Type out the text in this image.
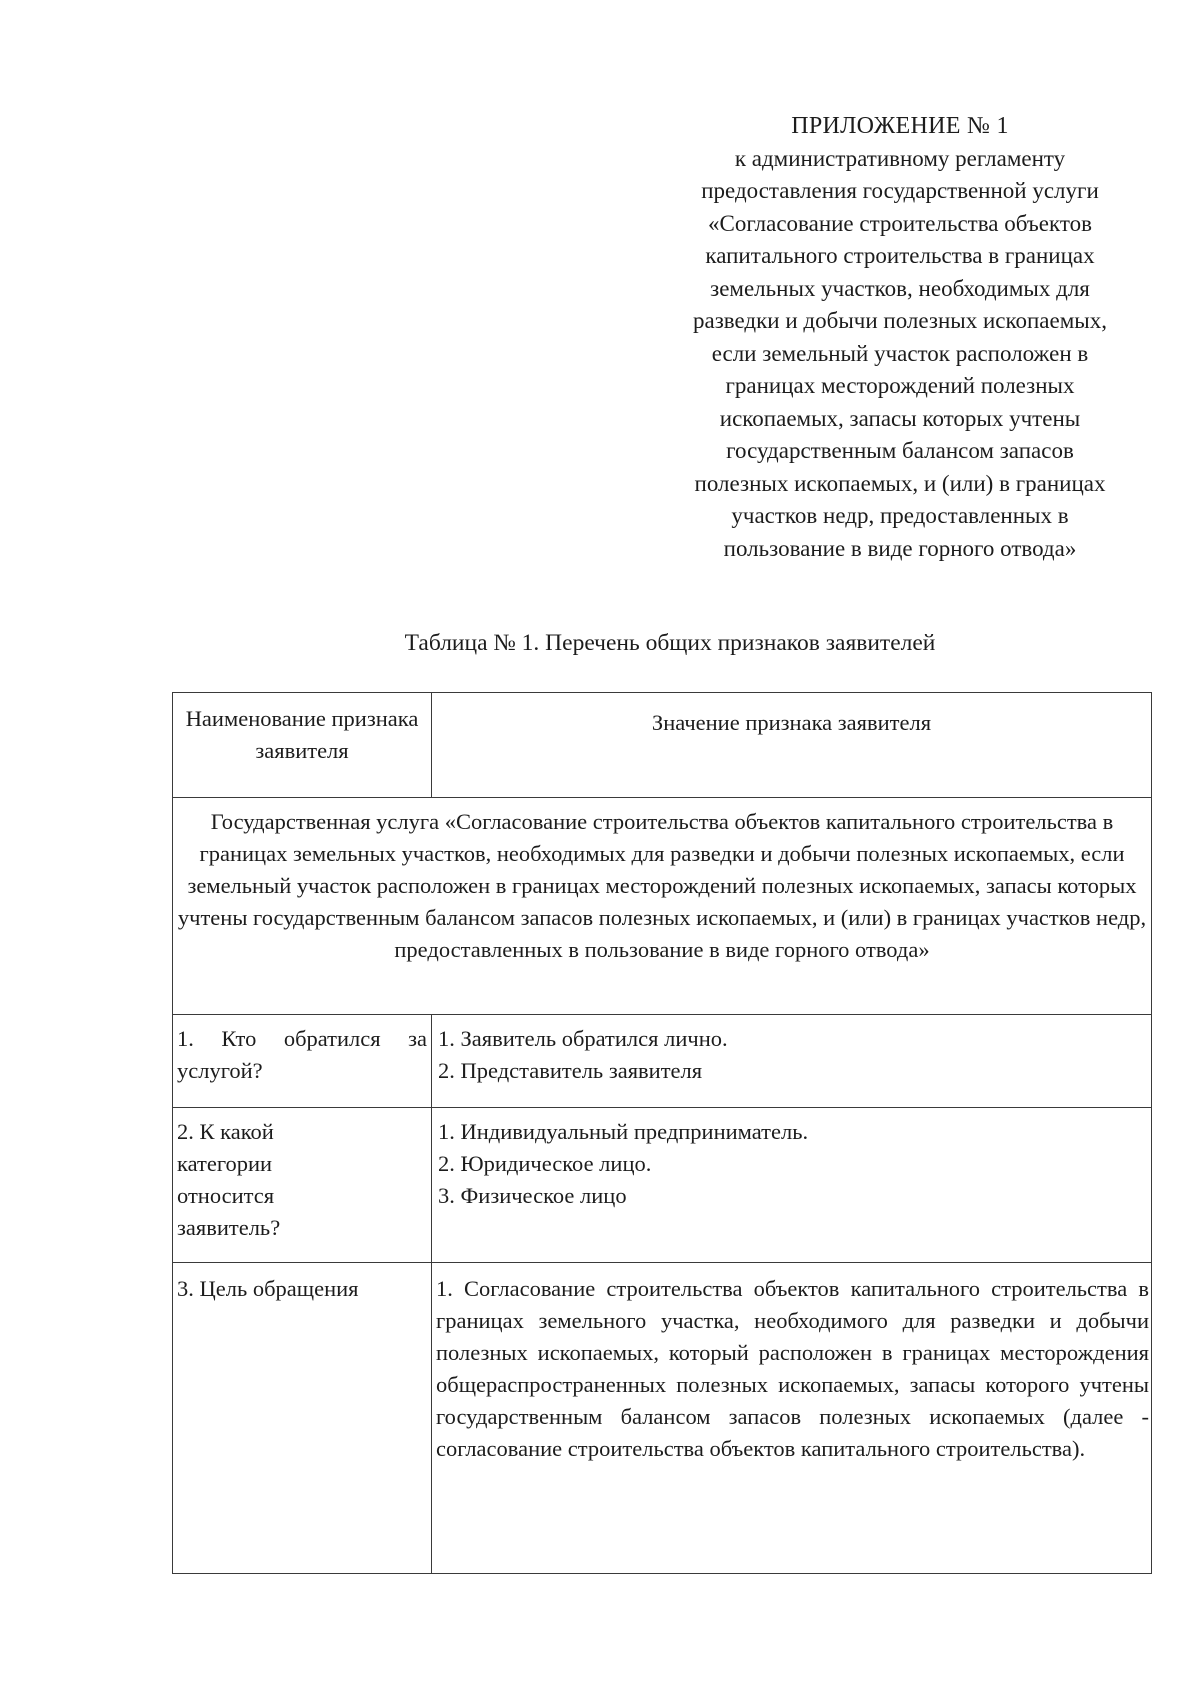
ПРИЛОЖЕНИЕ № 1
к административному регламенту
предоставления государственной услуги
«Согласование строительства объектов
капитального строительства в границах
земельных участков, необходимых для
разведки и добычи полезных ископаемых,
если земельный участок расположен в
границах месторождений полезных
ископаемых, запасы которых учтены
государственным балансом запасов
полезных ископаемых, и (или) в границах
участков недр, предоставленных в
пользование в виде горного отвода»
Таблица № 1. Перечень общих признаков заявителей
Наименование признака заявителя	Значение признака заявителя
Государственная услуга «Согласование строительства объектов капитального строительства в границах земельных участков, необходимых для разведки и добычи полезных ископаемых, если земельный участок расположен в границах месторождений полезных ископаемых, запасы которых учтены государственным балансом запасов полезных ископаемых, и (или) в границах участков недр, предоставленных в пользование в виде горного отвода»	
1. Кто обратился за услугой?	1. Заявитель обратился лично.
2. Представитель заявителя

2. К какой категории относится заявитель?	1. Индивидуальный предприниматель.
2. Юридическое лицо.
3. Физическое лицо

3. Цель обращения	1. Согласование строительства объектов капитального строительства в границах земельного участка, необходимого для разведки и добычи полезных ископаемых, который расположен в границах месторождения общераспространенных полезных ископаемых, запасы которого учтены государственным балансом запасов полезных ископаемых (далее - согласование строительства объектов капитального строительства).
